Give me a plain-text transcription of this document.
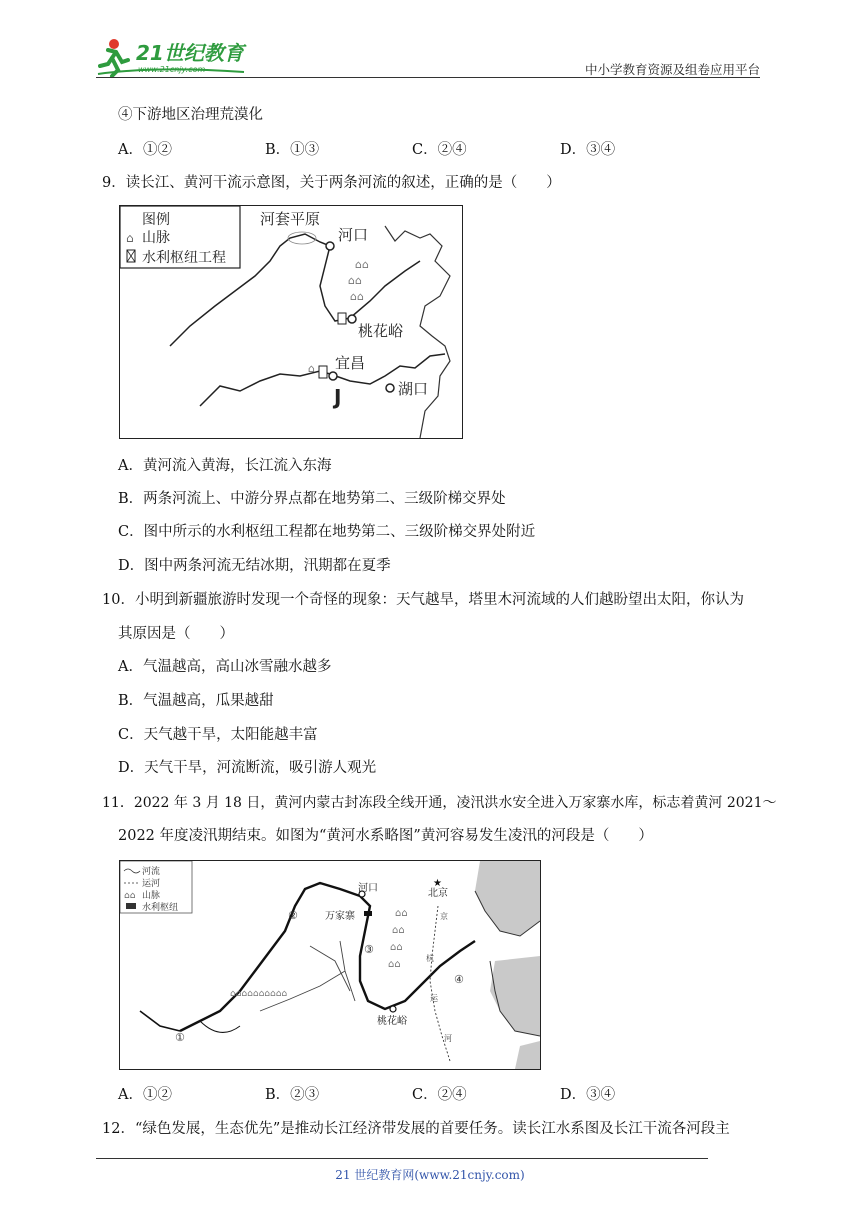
21世纪教育
www.21cnjy.com	中小学教育资源及组卷应用平台
④下游地区治理荒漠化
A．①②	B．①③	C．②④	D．③④
9．读长江、黄河干流示意图，关于两条河流的叙述，正确的是（　　）
图例
⌂ 山脉
水利枢纽工程	⌂⌂
⌂⌂
⌂⌂
⌂
河套平原
河口
桃花峪
宜昌
J	湖口
A．黄河流入黄海，长江流入东海
B．两条河流上、中游分界点都在地势第二、三级阶梯交界处
C．图中所示的水利枢纽工程都在地势第二、三级阶梯交界处附近
D．图中两条河流无结冰期，汛期都在夏季
10．小明到新疆旅游时发现一个奇怪的现象：天气越旱，塔里木河流域的人们越盼望出太阳，你认为
其原因是（　　）
A．气温越高，高山冰雪融水越多
B．气温越高，瓜果越甜
C．天气越干旱，太阳能越丰富
D．天气干旱，河流断流，吸引游人观光
11．2022 年 3 月 18 日，黄河内蒙古封冻段全线开通，凌汛洪水安全进入万家寨水库，标志着黄河 2021～
2022 年度凌汛期结束。如图为“黄河水系略图”黄河容易发生凌汛的河段是（　　）
河流
运河
⌂⌂ 山脉
水利枢纽
⌂⌂⌂⌂⌂⌂⌂⌂⌂⌂
⌂⌂
⌂⌂
⌂⌂
⌂⌂
河口	★
北京
万家寨
桃花峪
①
②
③
④
京
杭
运
河
A．①②	B．②③	C．②④	D．③④
12．“绿色发展，生态优先”是推动长江经济带发展的首要任务。读长江水系图及长江干流各河段主
21 世纪教育网(www.21cnjy.com)
